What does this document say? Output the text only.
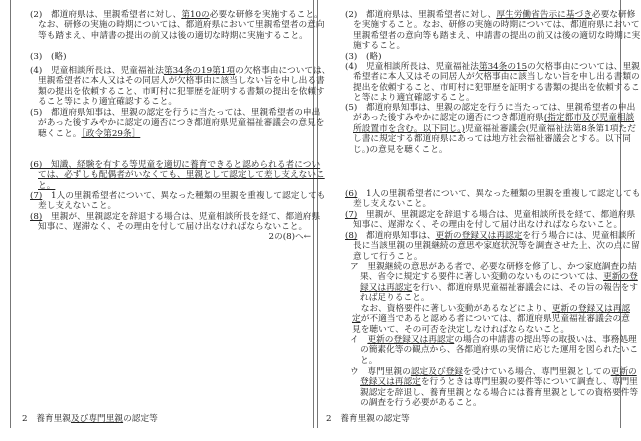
(2)　都道府県は、里親希望者に対し、第10の必要な研修を実施すること。
なお、研修の実施の時期については、都道府県において里親希望者の意向
等も踏まえ、申請書の提出の前又は後の適切な時期に実施すること。
(3)　(略)
(4)　児童相談所長は、児童福祉法第34条の19第1項の欠格事由については、
里親希望者に本人又はその同居人が欠格事由に該当しない旨を申し出る書
類の提出を依頼すること、市町村に犯罪歴を証明する書類の提出を依頼す
ること等により適宜確認すること。
(5)　都道府県知事は、里親の認定を行うに当たっては、里親希望者の申出
があった後すみやかに認定の適否につき都道府県児童福祉審議会の意見を
聴くこと。［政令第29条］
(6)　知識、経験を有する等児童を適切に養育できると認められる者につい
ては、必ずしも配偶者がいなくても、里親として認定して差し支えないこ
と。
(7)　1人の里親希望者について、異なった種類の里親を重複して認定しても
差し支えないこと。
(8)　里親が、里親認定を辞退する場合は、児童相談所長を経て、都道府県
知事に、遅滞なく、その理由を付して届け出なければならないこと。
2の(8)へ←
2　養育里親及び専門里親の認定等
(2)　都道府県は、里親希望者に対し、厚生労働省告示に基づき必要な研修
を実施すること。なお、研修の実施の時期については、都道府県において
里親希望者の意向等も踏まえ、申請書の提出の前又は後の適切な時期に実
施すること。
(3)　(略)
(4)　児童相談所長は、児童福祉法第34条の15の欠格事由については、里親
希望者に本人又はその同居人が欠格事由に該当しない旨を申し出る書類の
提出を依頼すること、市町村に犯罪歴を証明する書類の提出を依頼するこ
と等により適宜確認すること。
(5)　都道府県知事は、里親の認定を行うに当たっては、里親希望者の申出
があった後すみやかに認定の適否につき都道府県(指定都市及び児童相談
所設置市を含む。以下同じ。)児童福祉審議会(児童福祉法第8条第1項ただ
し書に規定する都道府県にあっては地方社会福祉審議会とする。以下同
じ。)の意見を聴くこと。
(6)　1人の里親希望者について、異なった種類の里親を重複して認定しても
差し支えないこと。
(7)　里親が、里親認定を辞退する場合は、児童相談所長を経て、都道府県
知事に、遅滞なく、その理由を付して届け出なければならないこと。
(8)　都道府県知事は、更新の登録又は再認定を行う場合には、児童相談所
長に当該里親の里親継続の意思や家庭状況等を調査させた上、次の点に留
意して行うこと。
ア　里親継続の意思がある者で、必要な研修を修了し、かつ家庭調査の結
果、省令に規定する要件に著しい変動のないものについては、更新の登
録又は再認定を行い、都道府県児童福祉審議会には、その旨の報告をす
れば足りること。
　なお、資格要件に著しい変動があるなどにより、更新の登録又は再認
定が不適当であると認める者については、都道府県児童福祉審議会の意
見を聴いて、その可否を決定しなければならないこと。
イ　更新の登録又は再認定の場合の申請書の提出等の取扱いは、事務処理
の簡素化等の観点から、各都道府県の実情に応じた運用を図られたいこ
と。
ウ　専門里親の認定及び登録を受けている場合、専門里親としての更新の
登録又は再認定を行うときは専門里親の要件等について調査し、専門里
親認定を辞退し、養育里親となる場合には養育里親としての資格要件等
の調査を行う必要があること。
2　養育里親の認定等
